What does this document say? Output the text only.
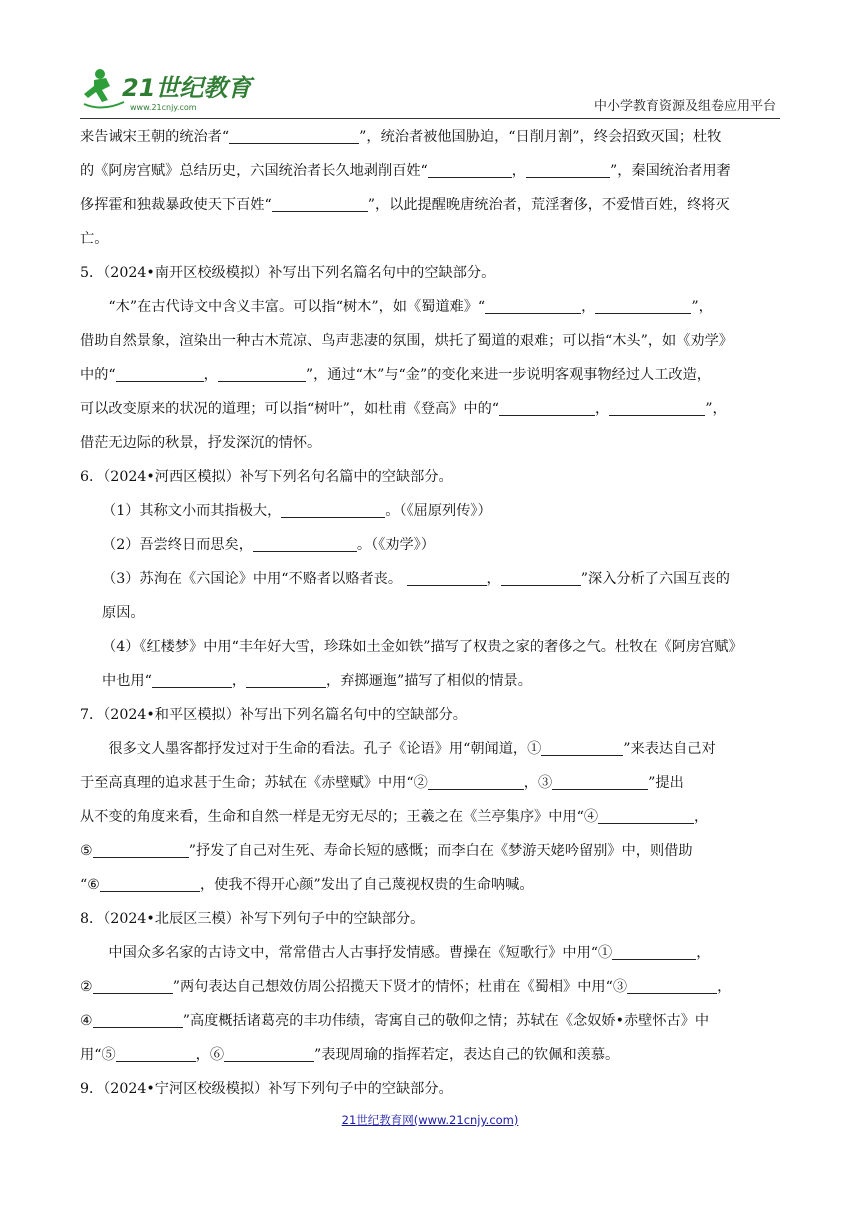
21世纪教育
www.21cnjy.com	中小学教育资源及组卷应用平台

来告诫宋王朝的统治者“	”，统治者被他国胁迫，“日削月割”，终会招致灭国；杜牧

的《阿房宫赋》总结历史，六国统治者长久地剥削百姓“	，	”，秦国统治者用奢

侈挥霍和独裁暴政使天下百姓“	”，以此提醒晚唐统治者，荒淫奢侈，不爱惜百姓，终将灭

亡。

5．（2024•南开区校级模拟）补写出下列名篇名句中的空缺部分。

“木”在古代诗文中含义丰富。可以指“树木”，如《蜀道难》“	，	”，

借助自然景象，渲染出一种古木荒凉、鸟声悲凄的氛围，烘托了蜀道的艰难；可以指“木头”，如《劝学》

中的“	，	”，通过“木”与“金”的变化来进一步说明客观事物经过人工改造，

可以改变原来的状况的道理；可以指“树叶”，如杜甫《登高》中的“	，	”，

借茫无边际的秋景，抒发深沉的情怀。

6．（2024•河西区模拟）补写下列名句名篇中的空缺部分。

（1）其称文小而其指极大，	。（《屈原列传》）

（2）吾尝终日而思矣，	。（《劝学》）

（3）苏洵在《六国论》中用“不赂者以赂者丧。	，	”深入分析了六国互丧的

原因。

（4）《红楼梦》中用“丰年好大雪，珍珠如土金如铁”描写了权贵之家的奢侈之气。杜牧在《阿房宫赋》

中也用“	，	，弃掷逦迤”描写了相似的情景。

7．（2024•和平区模拟）补写出下列名篇名句中的空缺部分。

很多文人墨客都抒发过对于生命的看法。孔子《论语》用“朝闻道，①	”来表达自己对

于至高真理的追求甚于生命；苏轼在《赤壁赋》中用“②	，③	”提出

从不变的角度来看，生命和自然一样是无穷无尽的；王羲之在《兰亭集序》中用“④	，

⑤	”抒发了自己对生死、寿命长短的感慨；而李白在《梦游天姥吟留别》中，则借助

“⑥	，使我不得开心颜”发出了自己蔑视权贵的生命呐喊。

8．（2024•北辰区三模）补写下列句子中的空缺部分。

中国众多名家的古诗文中，常常借古人古事抒发情感。曹操在《短歌行》中用“①	，

②	”两句表达自己想效仿周公招揽天下贤才的情怀；杜甫在《蜀相》中用“③	，

④	”高度概括诸葛亮的丰功伟绩，寄寓自己的敬仰之情；苏轼在《念奴娇•赤壁怀古》中

用“⑤	，⑥	”表现周瑜的指挥若定，表达自己的钦佩和羡慕。

9．（2024•宁河区校级模拟）补写下列句子中的空缺部分。

21世纪教育网(www.21cnjy.com)
